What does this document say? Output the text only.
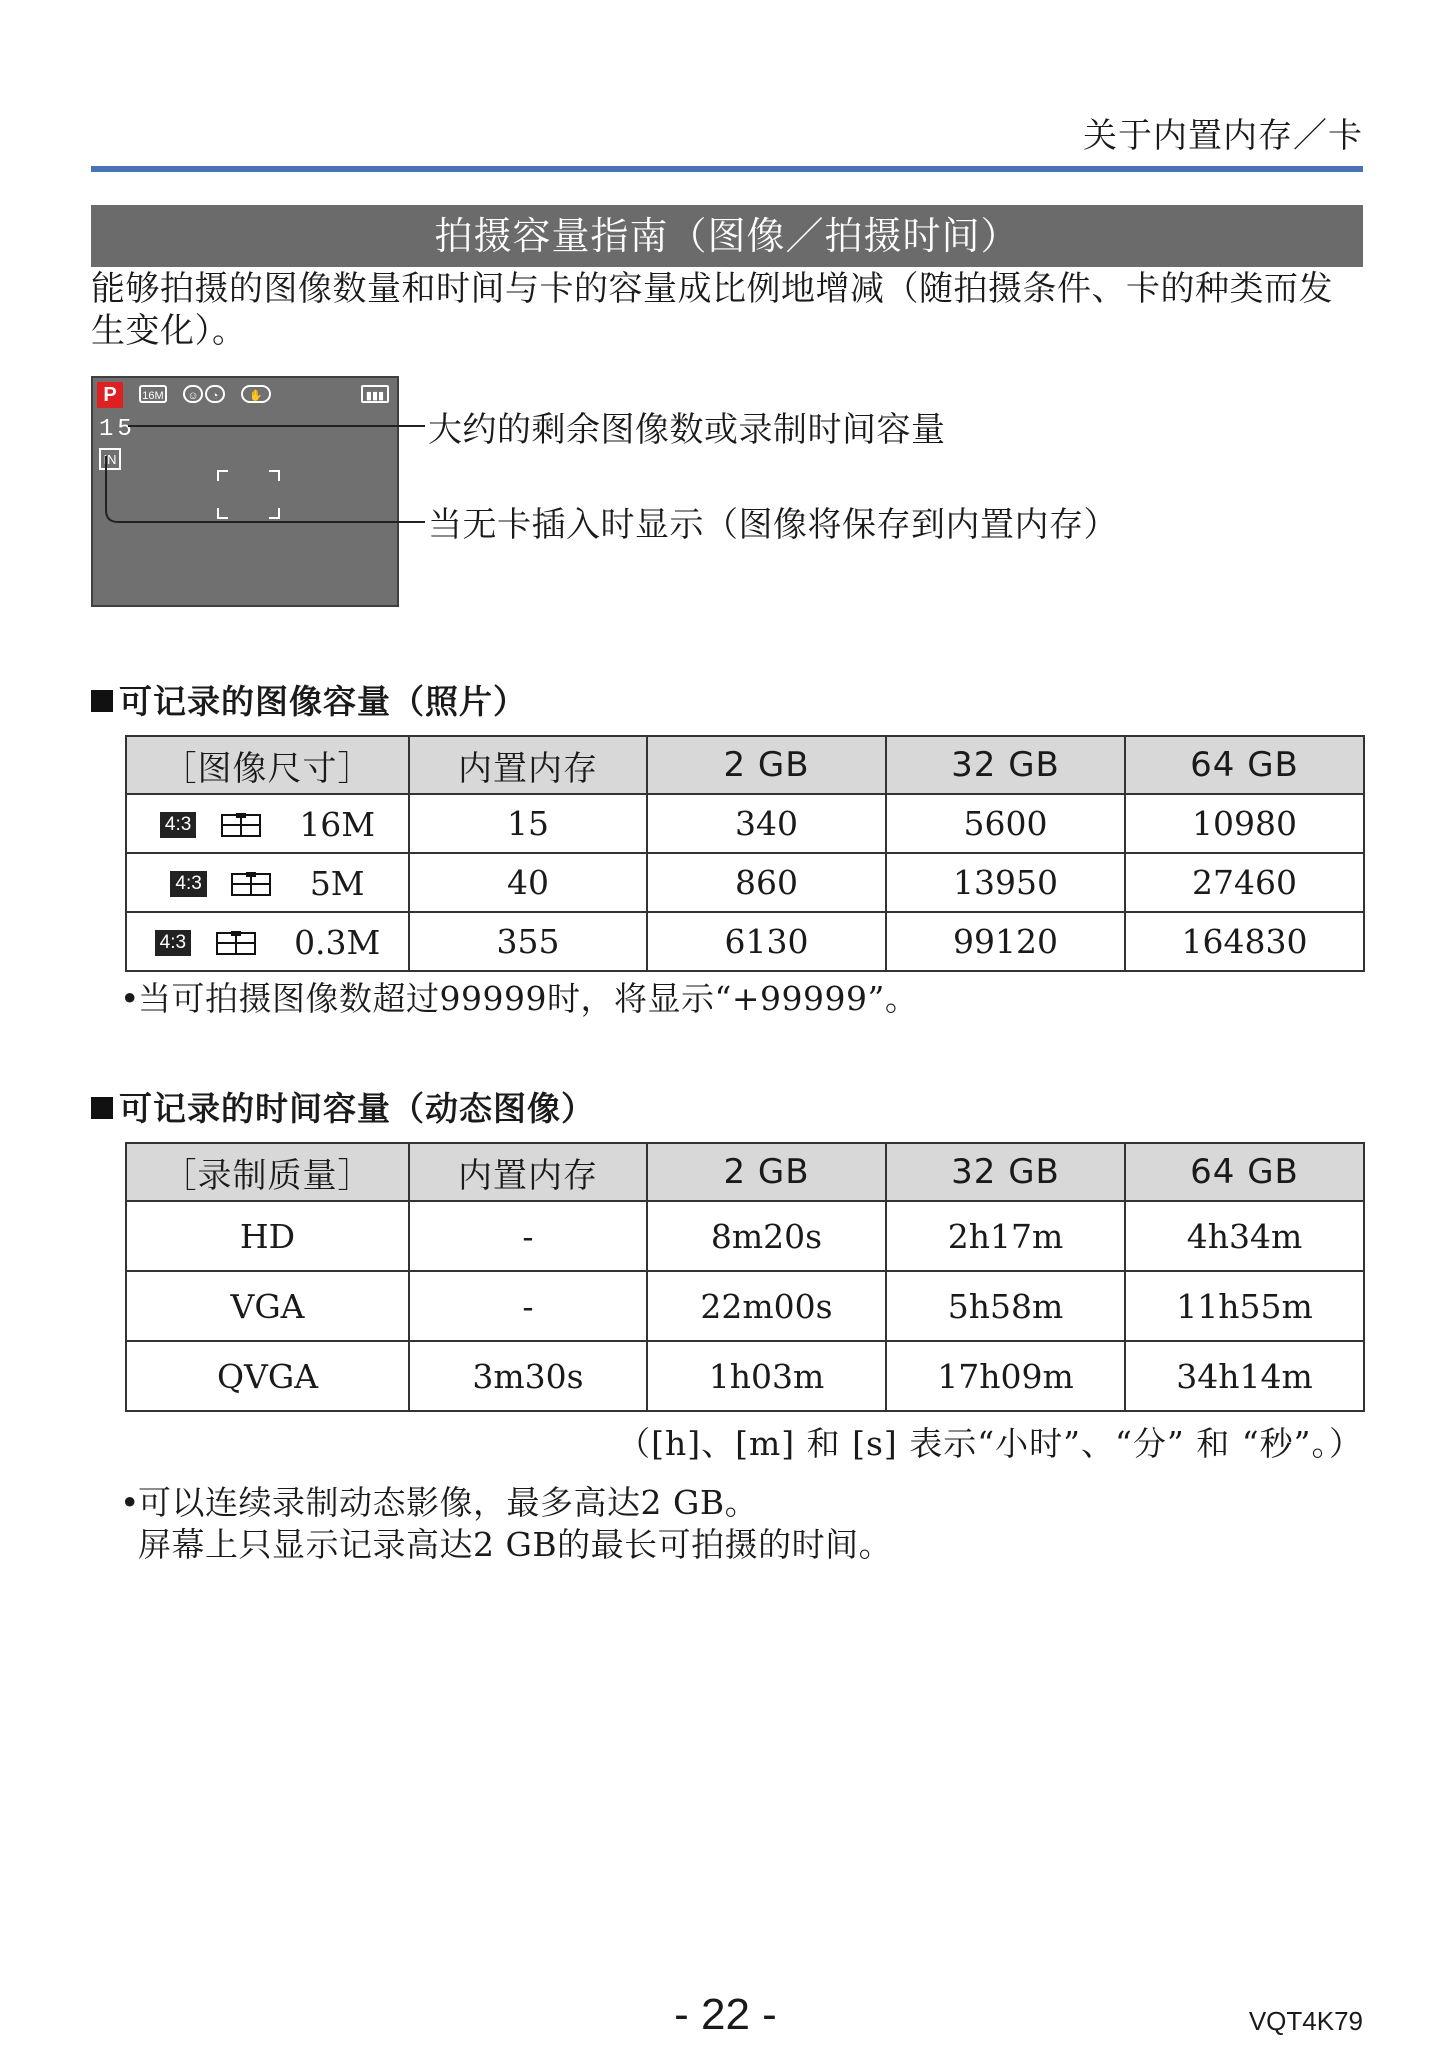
关于内置内存／卡
拍摄容量指南（图像／拍摄时间）
能够拍摄的图像数量和时间与卡的容量成比例地增减（随拍摄条件、卡的种类而发生变化）。
P	16M	☺	◔	✋	▮▮▮
15
IN
大约的剩余图像数或录制时间容量
当无卡插入时显示（图像将保存到内置内存）
可记录的图像容量（照片）
［图像尺寸］	内置内存	2 GB	32 GB	64 GB
4:3 16M	15	340	5600	10980
4:3 5M	40	860	13950	27460
4:3 0.3M	355	6130	99120	164830
•
当可拍摄图像数超过99999时，将显示“+99999”。
可记录的时间容量（动态图像）
［录制质量］	内置内存	2 GB	32 GB	64 GB
HD	-	8m20s	2h17m	4h34m
VGA	-	22m00s	5h58m	11h55m
QVGA	3m30s	1h03m	17h09m	34h14m
（[h]、[m] 和 [s] 表示“小时”、“分” 和 “秒”。）
•
可以连续录制动态影像，最多高达2 GB。
屏幕上只显示记录高达2 GB的最长可拍摄的时间。
- 22 -	VQT4K79
